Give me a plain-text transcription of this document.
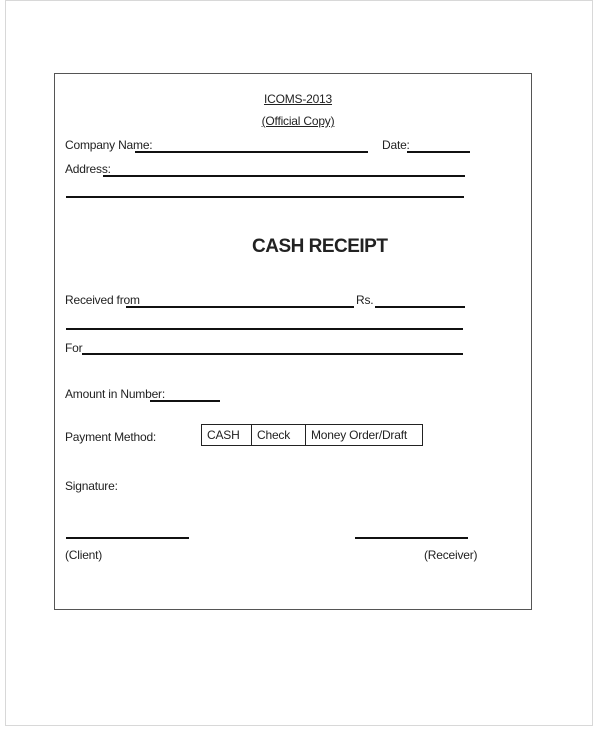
ICOMS-2013
(Official Copy)
Company Name:	Date:
Address:
CASH RECEIPT
Received from	Rs.
For
Amount in Number:
Payment Method:	CASH	Check	Money Order/Draft
Signature:
(Client)	(Receiver)
